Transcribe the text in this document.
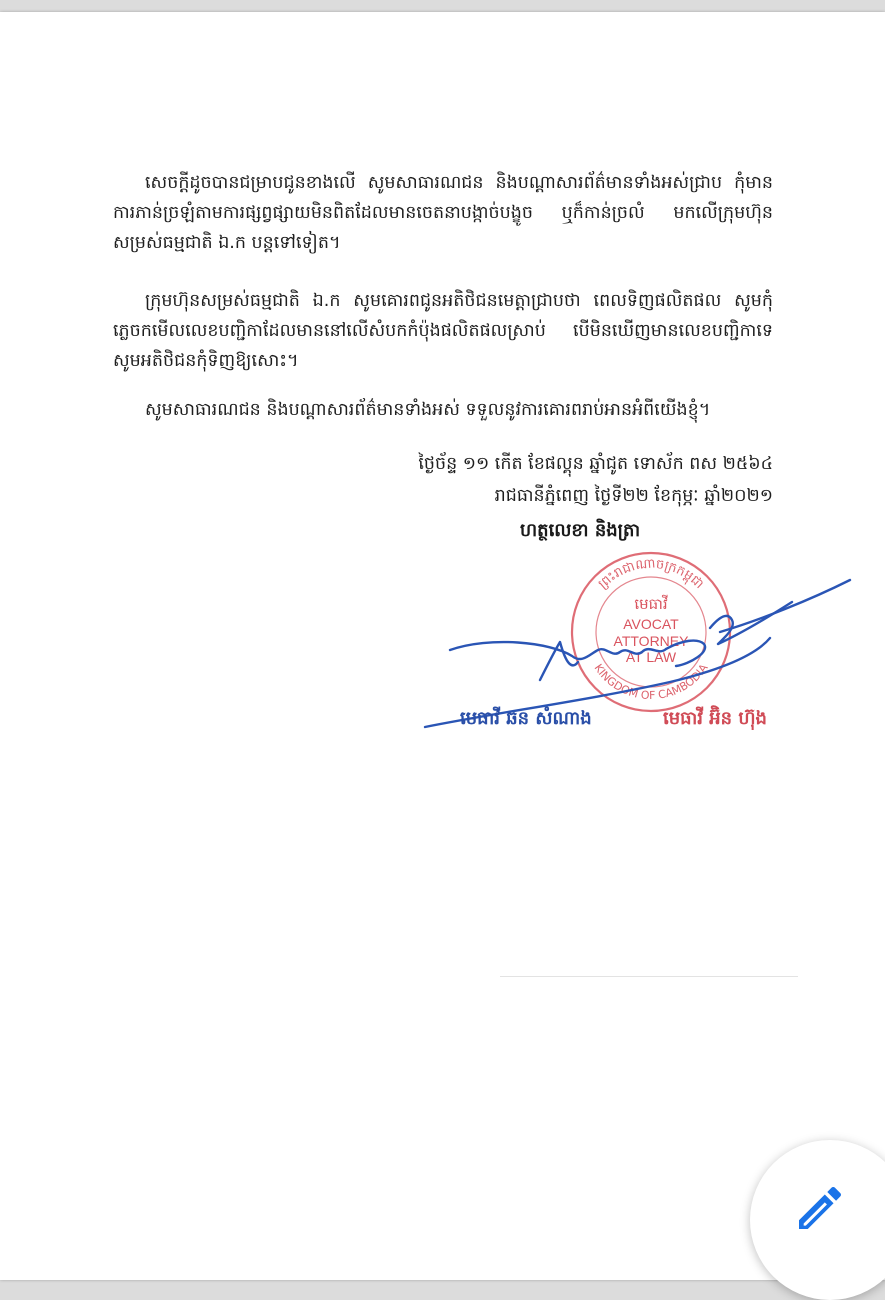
សេចក្តីដូចបានជម្រាបជូនខាងលើ សូមសាធារណជន និងបណ្តាសារព័ត៌មានទាំងអស់ជ្រាប កុំមានការភាន់ច្រឡំតាមការផ្សព្វផ្សាយមិនពិតដែលមានចេតនាបង្កាច់បង្ខូច ឬក៏កាន់ច្រលំ មកលើក្រុមហ៊ុនសម្រស់ធម្មជាតិ ឯ.ក បន្តទៅទៀត។

ក្រុមហ៊ុនសម្រស់ធម្មជាតិ ឯ.ក សូមគោរពជូនអតិថិជនមេត្តាជ្រាបថា ពេលទិញផលិតផល សូមកុំភ្លេចកមើលលេខបញ្ជិកាដែលមាននៅលើសំបកកំប៉ុងផលិតផលស្រាប់ បើមិនឃើញមានលេខបញ្ជិកាទេ សូមអតិថិជនកុំទិញឱ្យសោះ។

សូមសាធារណជន និងបណ្តាសារព័ត៌មានទាំងអស់ ទទួលនូវការគោរពរាប់អានអំពីយើងខ្ញុំ។

ថ្ងៃច័ន្ទ ១១ កើត ខែផល្គុន ឆ្នាំជូត ទោស័ក ពស ២៥៦៤
រាជធានីភ្នំពេញ ថ្ងៃទី២២ ខែកុម្ភៈ ឆ្នាំ២០២១
ហត្ថលេខា និងត្រា
ព្រះរាជាណាចក្រកម្ពុជា
KINGDOM OF CAMBODIA
មេធាវី
AVOCAT
ATTORNEY
AT LAW
មេធាវី ឆន សំណាង	មេធាវី អ៊ិន ហ៊ុង
